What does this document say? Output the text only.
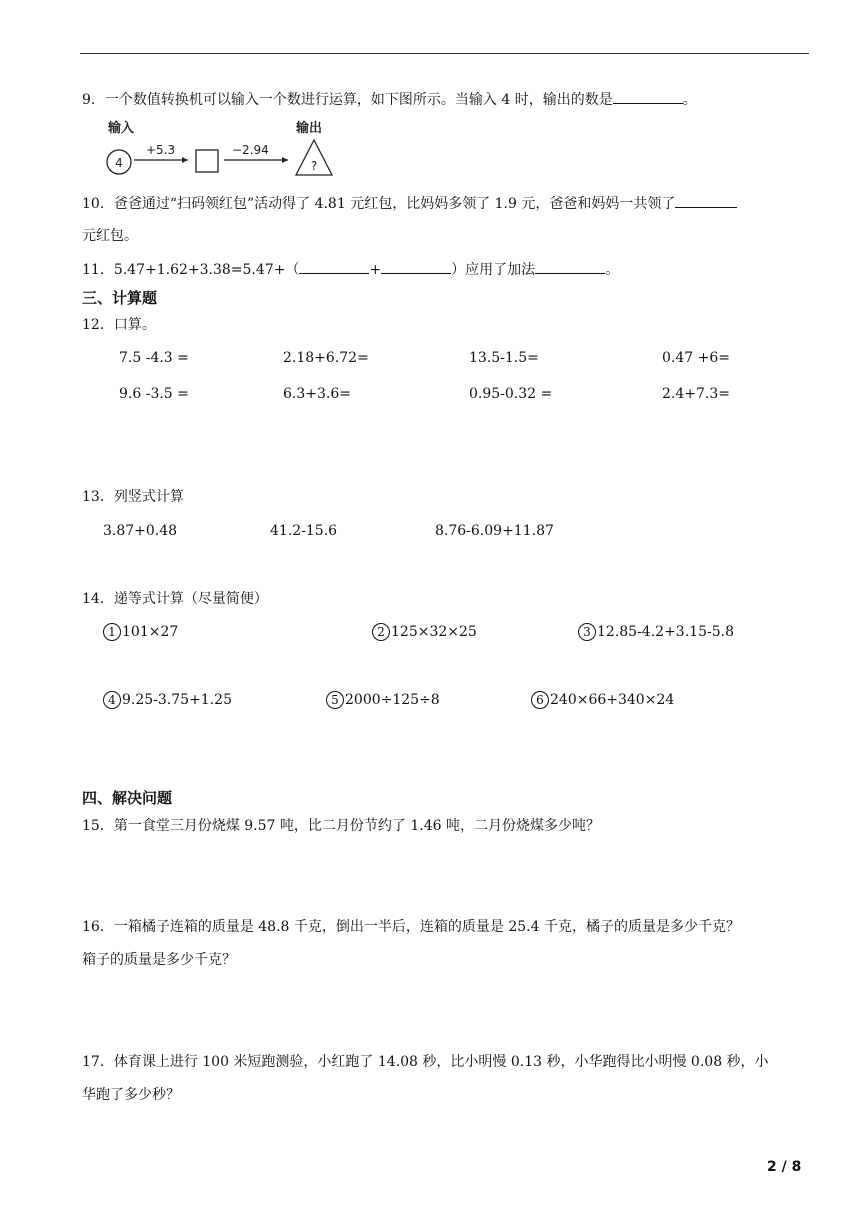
9．一个数值转换机可以输入一个数进行运算，如下图所示。当输入 4 时，输出的数是	。
输入	输出
4
+5.3	−2.94
?
10．爸爸通过“扫码领红包”活动得了 4.81 元红包，比妈妈多领了 1.9 元，爸爸和妈妈一共领了
元红包。
11．5.47+1.62+3.38=5.47+（	+	）应用了加法	。
三、计算题
12．口算。
7.5 -4.3 =	2.18+6.72=	13.5-1.5=	0.47 +6=
9.6 -3.5 =	6.3+3.6=	0.95-0.32 =	2.4+7.3=
13．列竖式计算
3.87+0.48	41.2-15.6	8.76-6.09+11.87
14．递等式计算（尽量简便）
1 101×27	2 125×32×25	3 12.85-4.2+3.15-5.8
4 9.25-3.75+1.25	5 2000÷125÷8	6 240×66+340×24
四、解决问题
15．第一食堂三月份烧煤 9.57 吨，比二月份节约了 1.46 吨，二月份烧煤多少吨？
16．一箱橘子连箱的质量是 48.8 千克，倒出一半后，连箱的质量是 25.4 千克，橘子的质量是多少千克？
箱子的质量是多少千克？
17．体育课上进行 100 米短跑测验，小红跑了 14.08 秒，比小明慢 0.13 秒，小华跑得比小明慢 0.08 秒，小
华跑了多少秒？
2 / 8
